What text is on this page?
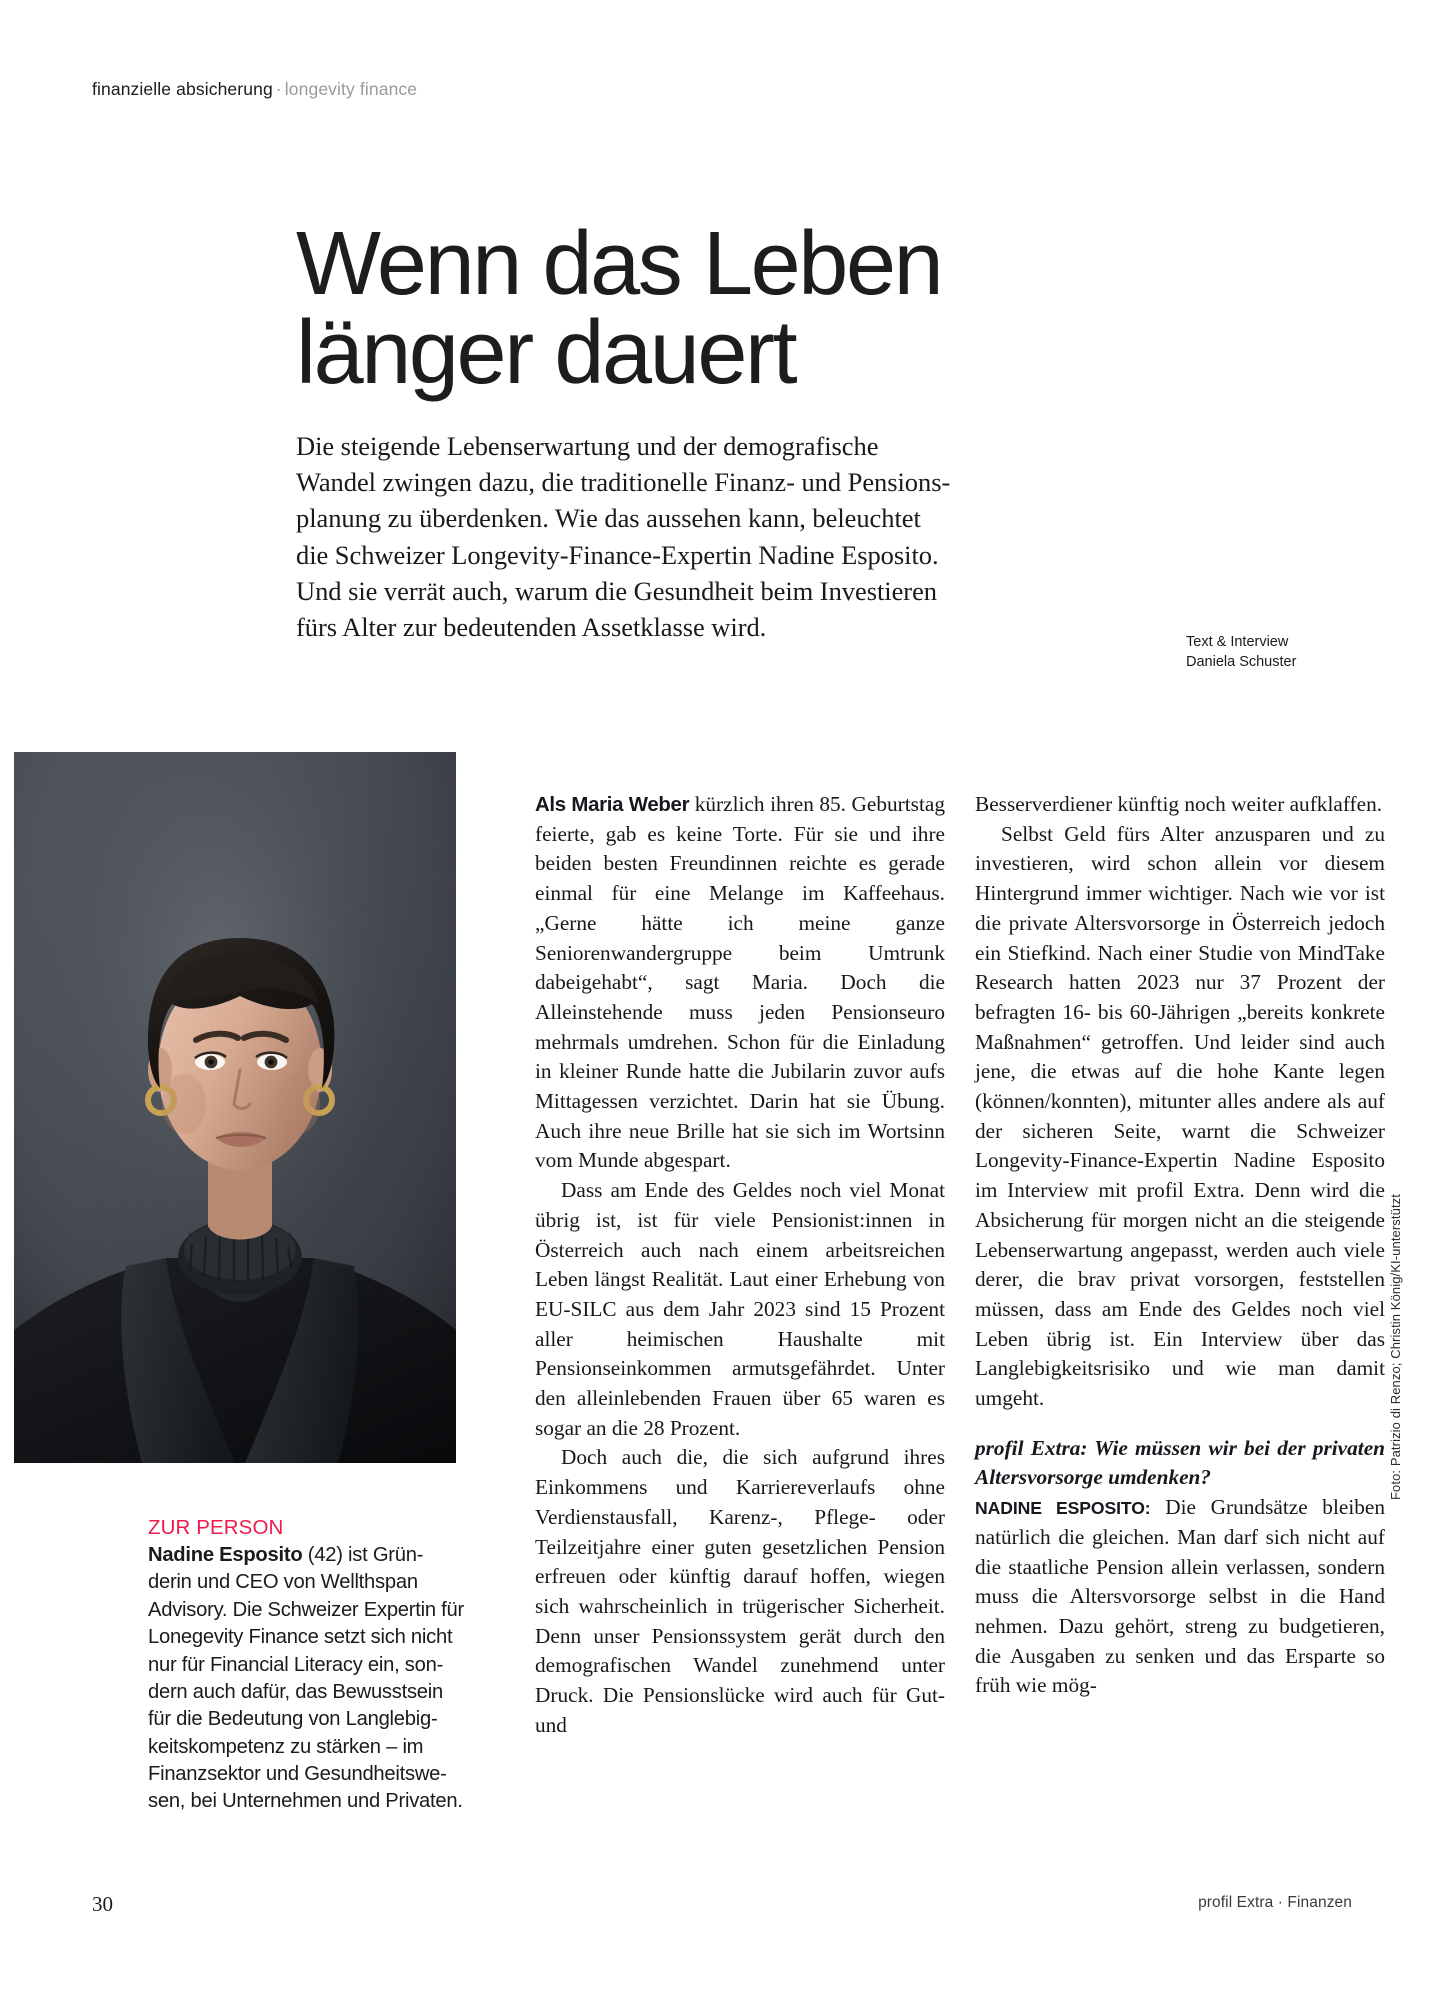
finanzielle absicherung · longevity finance
Wenn das Leben
länger dauert
Die steigende Lebenserwartung und der demografische
Wandel zwingen dazu, die traditionelle Finanz- und Pensions-
planung zu überdenken. Wie das aussehen kann, beleuchtet
die Schweizer Longevity-Finance-Expertin Nadine Esposito.
Und sie verrät auch, warum die Gesundheit beim Investieren
fürs Alter zur bedeutenden Assetklasse wird.
Text & Interview
Daniela Schuster
ZUR PERSON
Nadine Esposito (42) ist Grün-
derin und CEO von Wellthspan
Advisory. Die Schweizer Expertin für
Lonegevity Finance setzt sich nicht
nur für Financial Literacy ein, son-
dern auch dafür, das Bewusstsein
für die Bedeutung von Langlebig-
keitskompetenz zu stärken – im
Finanzsektor und Gesundheitswe-
sen, bei Unternehmen und Privaten.

Als Maria Weber kürzlich ihren 85. Geburtstag feierte, gab es keine Torte. Für sie und ihre beiden besten Freundinnen reichte es gerade einmal für eine Melange im Kaffeehaus. „Gerne hätte ich meine ganze Seniorenwandergruppe beim Umtrunk dabeigehabt“, sagt Maria. Doch die Alleinstehende muss jeden Pensionseuro mehrmals umdrehen. Schon für die Einladung in kleiner Runde hatte die Jubilarin zuvor aufs Mittagessen verzichtet. Darin hat sie Übung. Auch ihre neue Brille hat sie sich im Wortsinn vom Munde abgespart.

Dass am Ende des Geldes noch viel Monat übrig ist, ist für viele Pensionist:innen in Österreich auch nach einem arbeitsreichen Leben längst Realität. Laut einer Erhebung von EU-SILC aus dem Jahr 2023 sind 15 Prozent aller heimischen Haushalte mit Pensionseinkommen armutsgefährdet. Unter den alleinlebenden Frauen über 65 waren es sogar an die 28 Prozent.

Doch auch die, die sich aufgrund ihres Einkommens und Karriereverlaufs ohne Verdienstausfall, Karenz-, Pflege- oder Teilzeitjahre einer guten gesetzlichen Pension erfreuen oder künftig darauf hoffen, wiegen sich wahrscheinlich in trügerischer Sicherheit. Denn unser Pensionssystem gerät durch den demografischen Wandel zunehmend unter Druck. Die Pensionslücke wird auch für Gut- und

Besserverdiener künftig noch weiter aufklaffen.

Selbst Geld fürs Alter anzusparen und zu investieren, wird schon allein vor diesem Hintergrund immer wichtiger. Nach wie vor ist die private Altersvorsorge in Österreich jedoch ein Stiefkind. Nach einer Studie von MindTake Research hatten 2023 nur 37 Prozent der befragten 16- bis 60-Jährigen „bereits konkrete Maßnahmen“ getroffen. Und leider sind auch jene, die etwas auf die hohe Kante legen (können/konnten), mitunter alles andere als auf der sicheren Seite, warnt die Schweizer Longevity-Finance-Expertin Nadine Esposito im Interview mit profil Extra. Denn wird die Absicherung für morgen nicht an die steigende Lebenserwartung angepasst, werden auch viele derer, die brav privat vorsorgen, feststellen müssen, dass am Ende des Geldes noch viel Leben übrig ist. Ein Interview über das Langlebigkeitsrisiko und wie man damit umgeht.

profil Extra: Wie müssen wir bei der privaten Altersvorsorge umdenken?

NADINE ESPOSITO: Die Grundsätze bleiben natürlich die gleichen. Man darf sich nicht auf die staatliche Pension allein verlassen, sondern muss die Altersvorsorge selbst in die Hand nehmen. Dazu gehört, streng zu budgetieren, die Ausgaben zu senken und das Ersparte so früh wie mög-

Foto: Patrizio di Renzo; Christin König/KI-unterstützt
30	profil Extra · Finanzen
